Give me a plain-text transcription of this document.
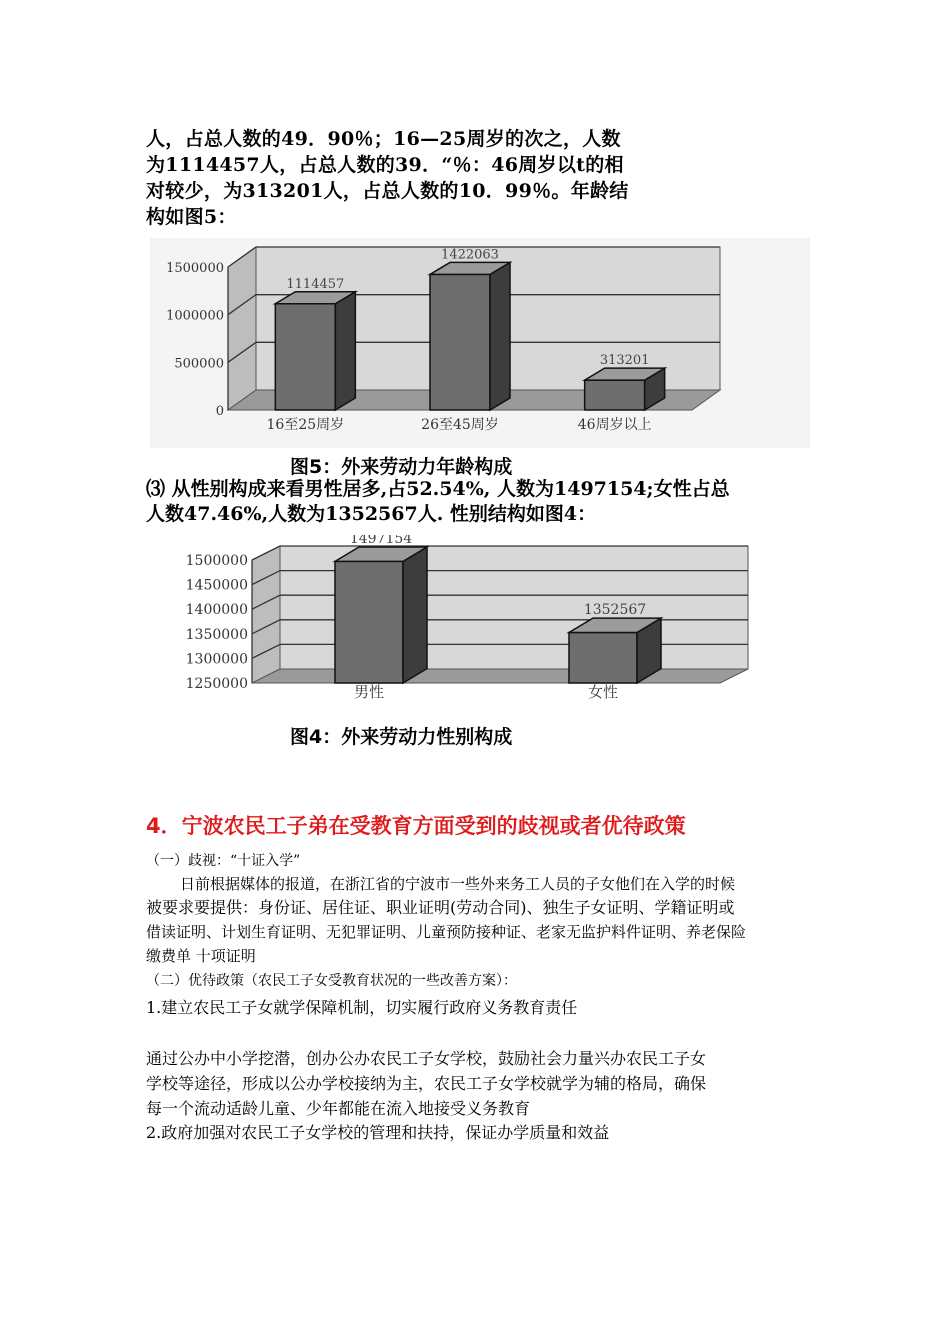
人，占总人数的49．90％；16—25周岁的次之，人数
为1114457人，占总人数的39．“％：46周岁以t的相
对较少，为313201人，占总人数的10．99％。年龄结
构如图5：
1500000
1000000
500000
0
1114457
16至25周岁
1422063
26至45周岁
313201
46周岁以上
图5：外来劳动力年龄构成
⑶ 从性别构成来看男性居多,占52.54%, 人数为1497154;女性占总
人数47.46%,人数为1352567人. 性别结构如图4：
1500000
1450000
1400000
1350000
1300000
1250000
1497154
男性
1352567
女性
图4：外来劳动力性别构成
4．宁波农民工子弟在受教育方面受到的歧视或者优待政策
（一）歧视：“十证入学”
日前根据媒体的报道，在浙江省的宁波市一些外来务工人员的子女他们在入学的时候
被要求要提供：身份证、居住证、职业证明(劳动合同)、独生子女证明、学籍证明或
借读证明、计划生育证明、无犯罪证明、儿童预防接种证、老家无监护料件证明、养老保险
缴费单 十项证明
（二）优待政策（农民工子女受教育状况的一些改善方案）：
1.建立农民工子女就学保障机制，切实履行政府义务教育责任
通过公办中小学挖潜，创办公办农民工子女学校，鼓励社会力量兴办农民工子女
学校等途径，形成以公办学校接纳为主，农民工子女学校就学为辅的格局，确保
每一个流动适龄儿童、少年都能在流入地接受义务教育
2.政府加强对农民工子女学校的管理和扶持，保证办学质量和效益
